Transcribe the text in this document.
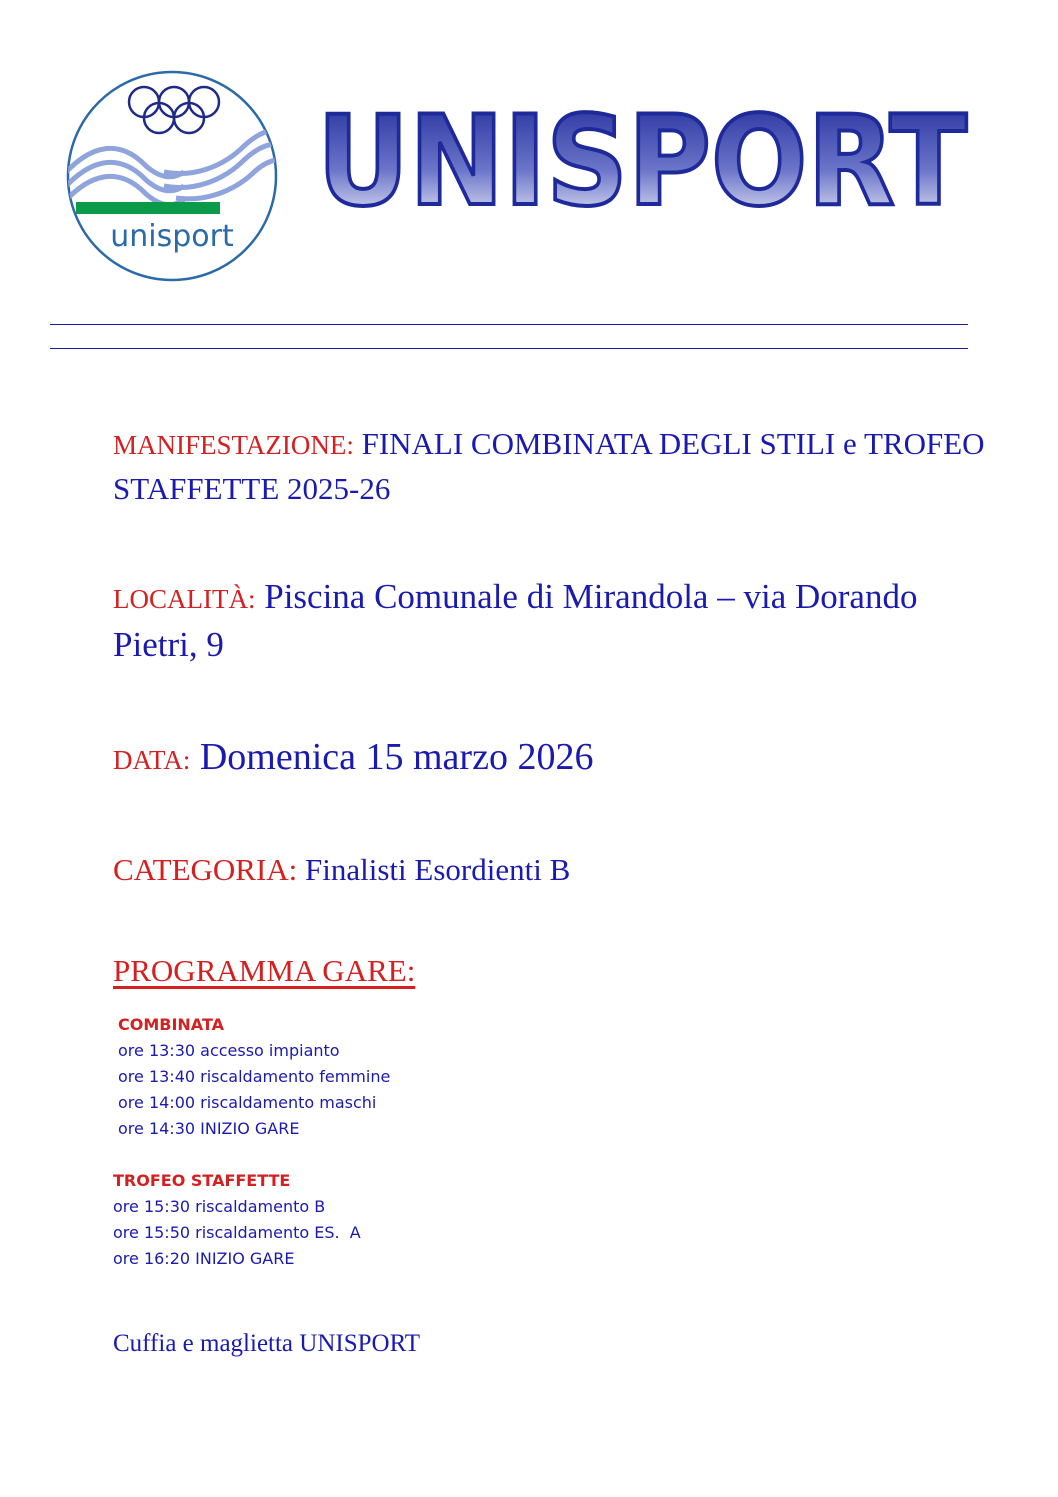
unisport
UNISPORT
MANIFESTAZIONE: FINALI COMBINATA DEGLI STILI e TROFEO STAFFETTE 2025-26
LOCALITÀ: Piscina Comunale di Mirandola – via Dorando Pietri, 9
DATA: Domenica 15 marzo 2026
CATEGORIA: Finalisti Esordienti B
PROGRAMMA GARE:
COMBINATA
ore 13:30 accesso impianto
ore 13:40 riscaldamento femmine
ore 14:00 riscaldamento maschi
ore 14:30 INIZIO GARE
TROFEO STAFFETTE
ore 15:30 riscaldamento B
ore 15:50 riscaldamento ES.  A
ore 16:20 INIZIO GARE
Cuffia e maglietta UNISPORT
